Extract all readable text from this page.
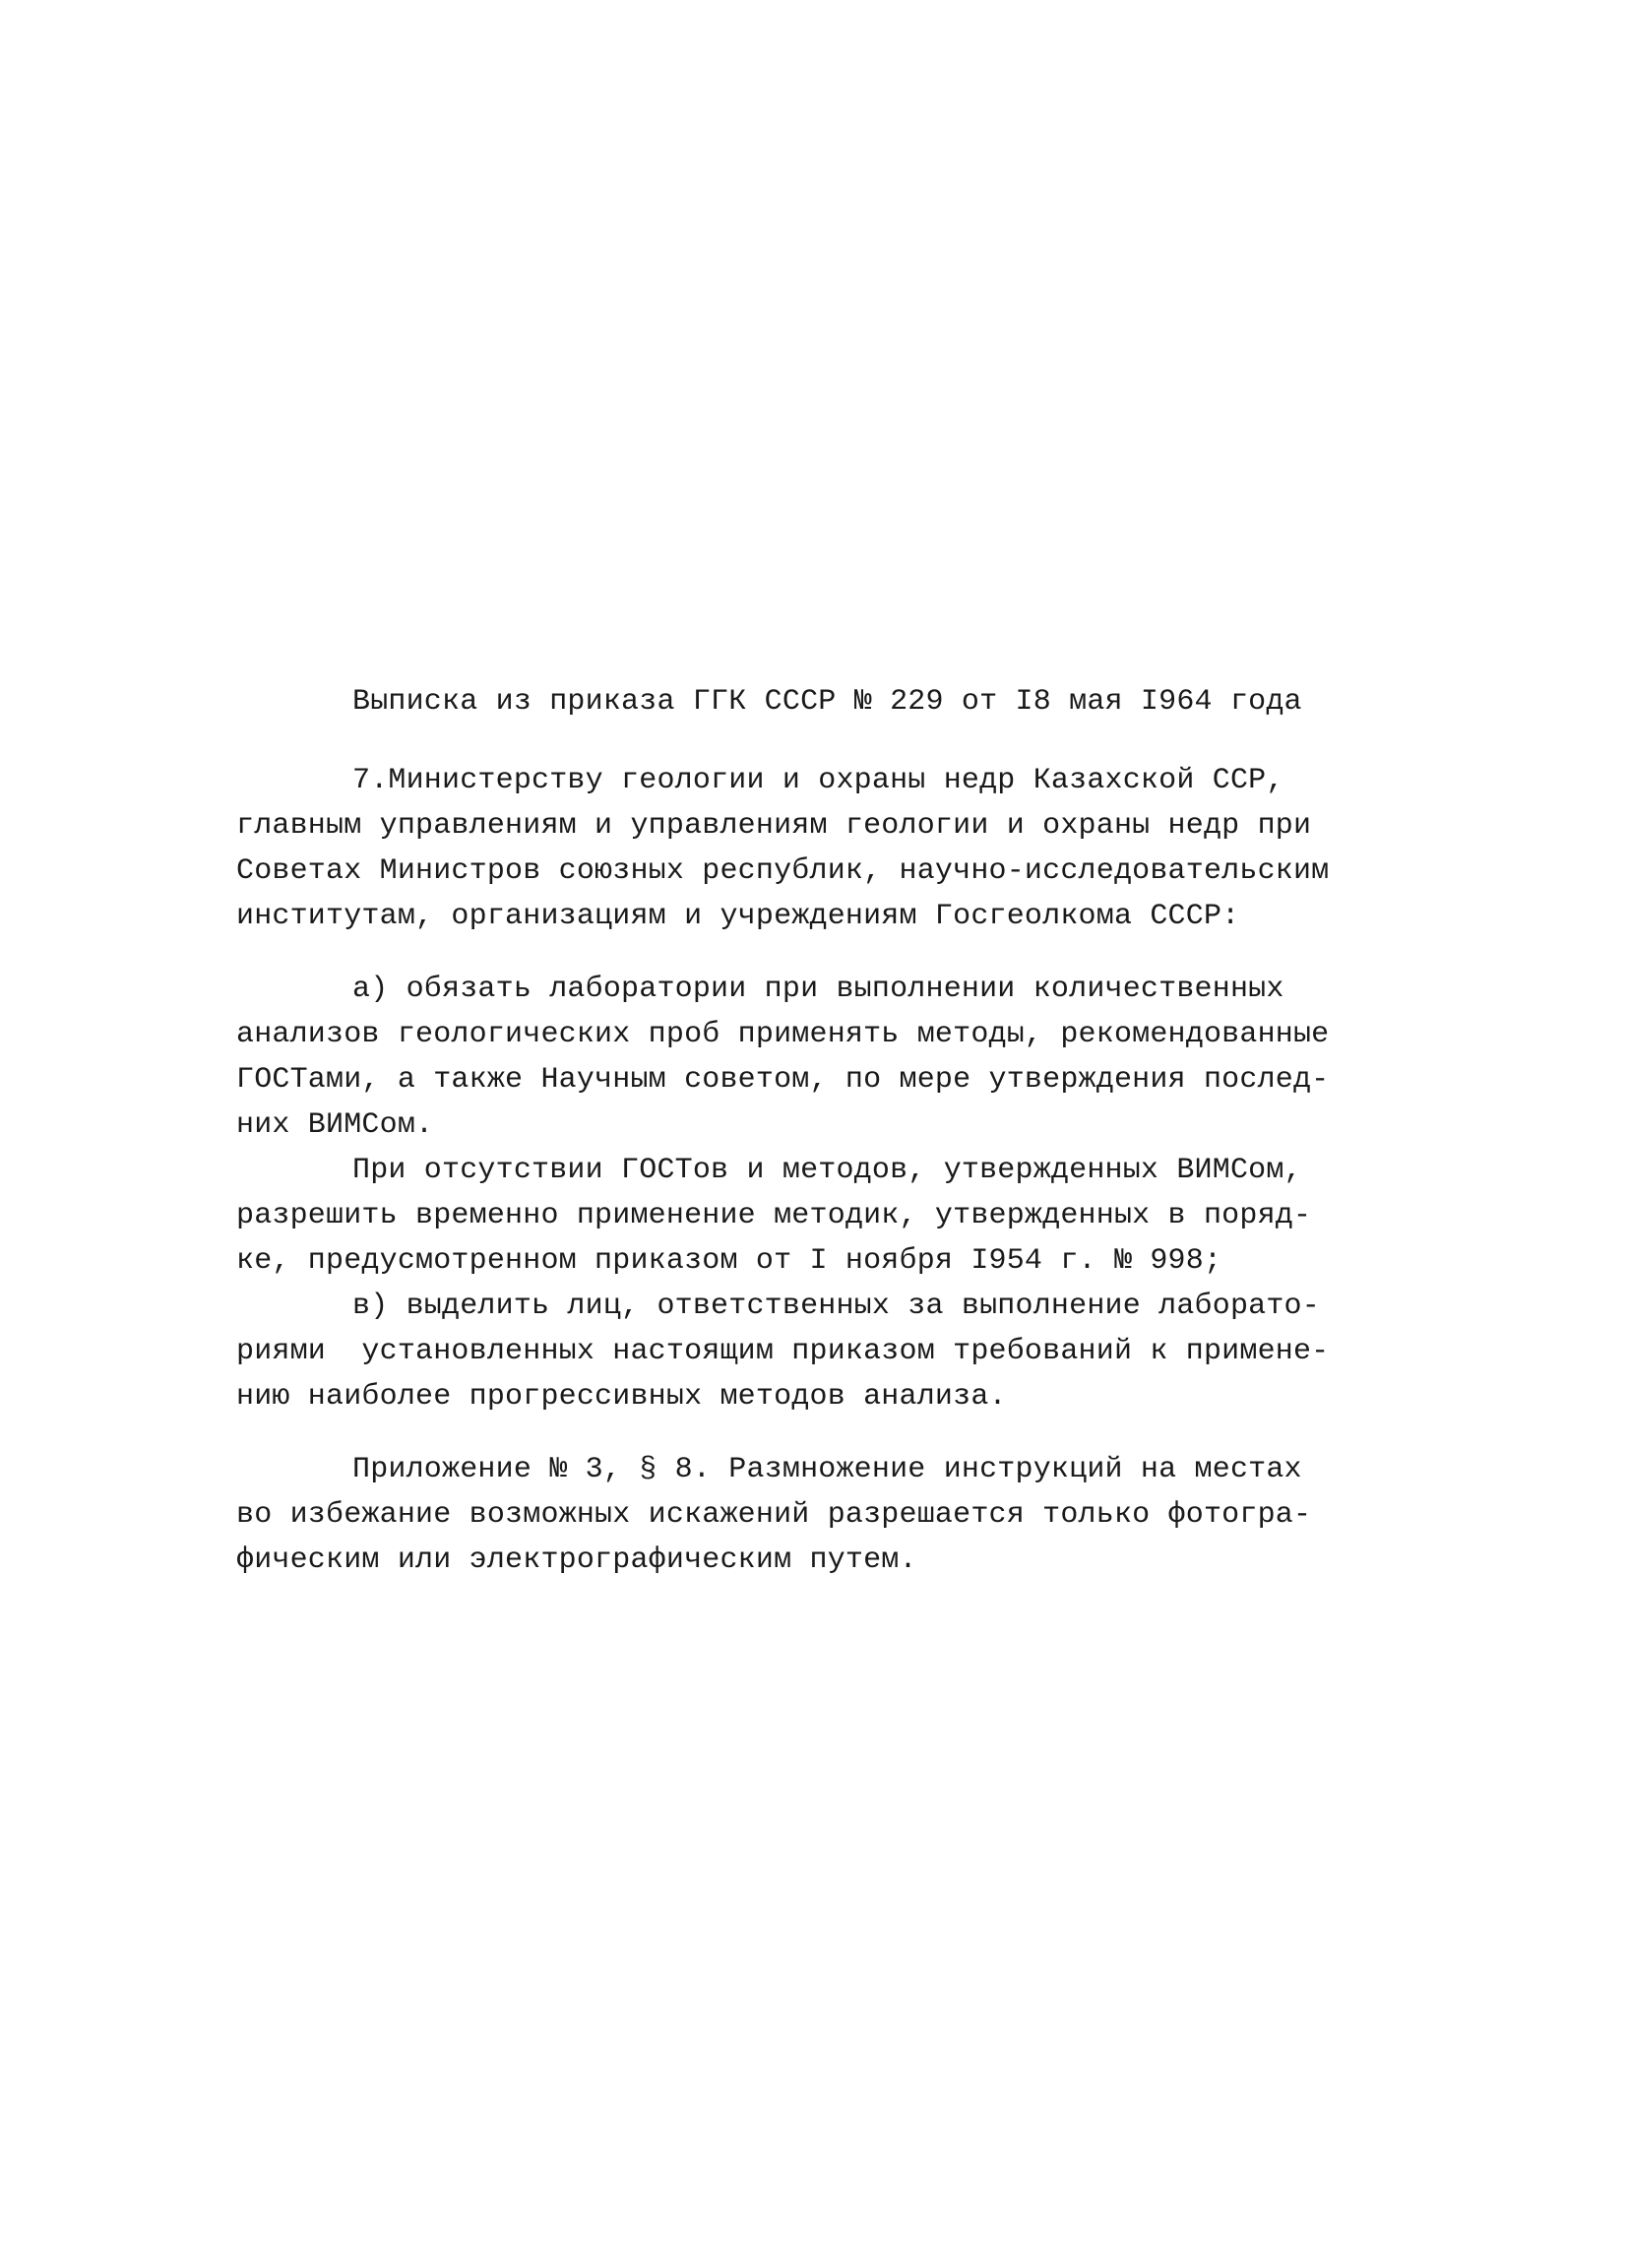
Выписка из приказа ГГК СССР № 229 от I8 мая I964 года
7.Министерству геологии и охраны недр Казахской ССР,
главным управлениям и управлениям геологии и охраны недр при
Советах Министров союзных республик, научно-исследовательским
институтам, организациям и учреждениям Госгеолкома СССР:
а) обязать лаборатории при выполнении количественных
анализов геологических проб применять методы, рекомендованные
ГОСТами, а также Научным советом, по мере утверждения послед-
них ВИМСом.
При отсутствии ГОСТов и методов, утвержденных ВИМСом,
разрешить временно применение методик, утвержденных в поряд-
ке, предусмотренном приказом от I ноября I954 г. № 998;
в) выделить лиц, ответственных за выполнение лаборато-
риями  установленных настоящим приказом требований к примене-
нию наиболее прогрессивных методов анализа.
Приложение № 3, § 8. Размножение инструкций на местах
во избежание возможных искажений разрешается только фотогра-
фическим или электрографическим путем.
